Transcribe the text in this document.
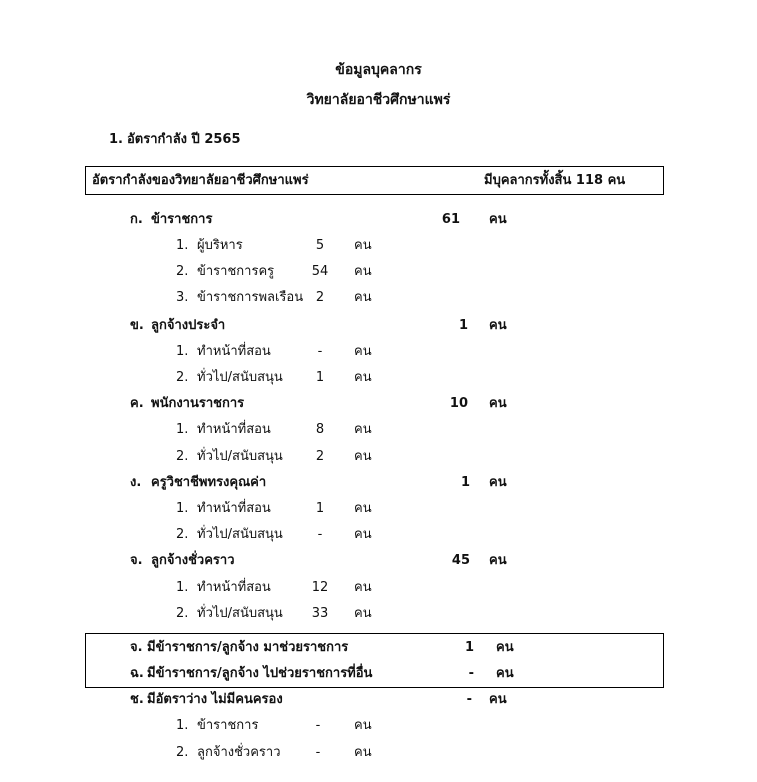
ข้อมูลบุคลากร
วิทยาลัยอาชีวศึกษาแพร่
1. อัตรากำลัง ปี 2565
อัตรากำลังของวิทยาลัยอาชีวศึกษาแพร่	มีบุคลากรทั้งสิ้น 118 คน
ก. ข้าราชการ	61 คน
1. ผู้บริหาร	5	คน
2. ข้าราชการครู	54	คน
3. ข้าราชการพลเรือน 2	คน
ข. ลูกจ้างประจำ	1 คน
1. ทำหน้าที่สอน	-	คน
2. ทั่วไป/สนับสนุน	1	คน
ค. พนักงานราชการ	10 คน
1. ทำหน้าที่สอน	8	คน
2. ทั่วไป/สนับสนุน	2	คน
ง. ครูวิชาชีพทรงคุณค่า	1 คน
1. ทำหน้าที่สอน	1	คน
2. ทั่วไป/สนับสนุน	-	คน
จ. ลูกจ้างชั่วคราว	45 คน
1. ทำหน้าที่สอน	12	คน
2. ทั่วไป/สนับสนุน	33	คน
จ. มีข้าราชการ/ลูกจ้าง มาช่วยราชการ	1 คน
ฉ. มีข้าราชการ/ลูกจ้าง ไปช่วยราชการที่อื่น	- คน
ช. มีอัตราว่าง ไม่มีคนครอง	- คน
1. ข้าราชการ	-	คน
2. ลูกจ้างชั่วคราว	-	คน
